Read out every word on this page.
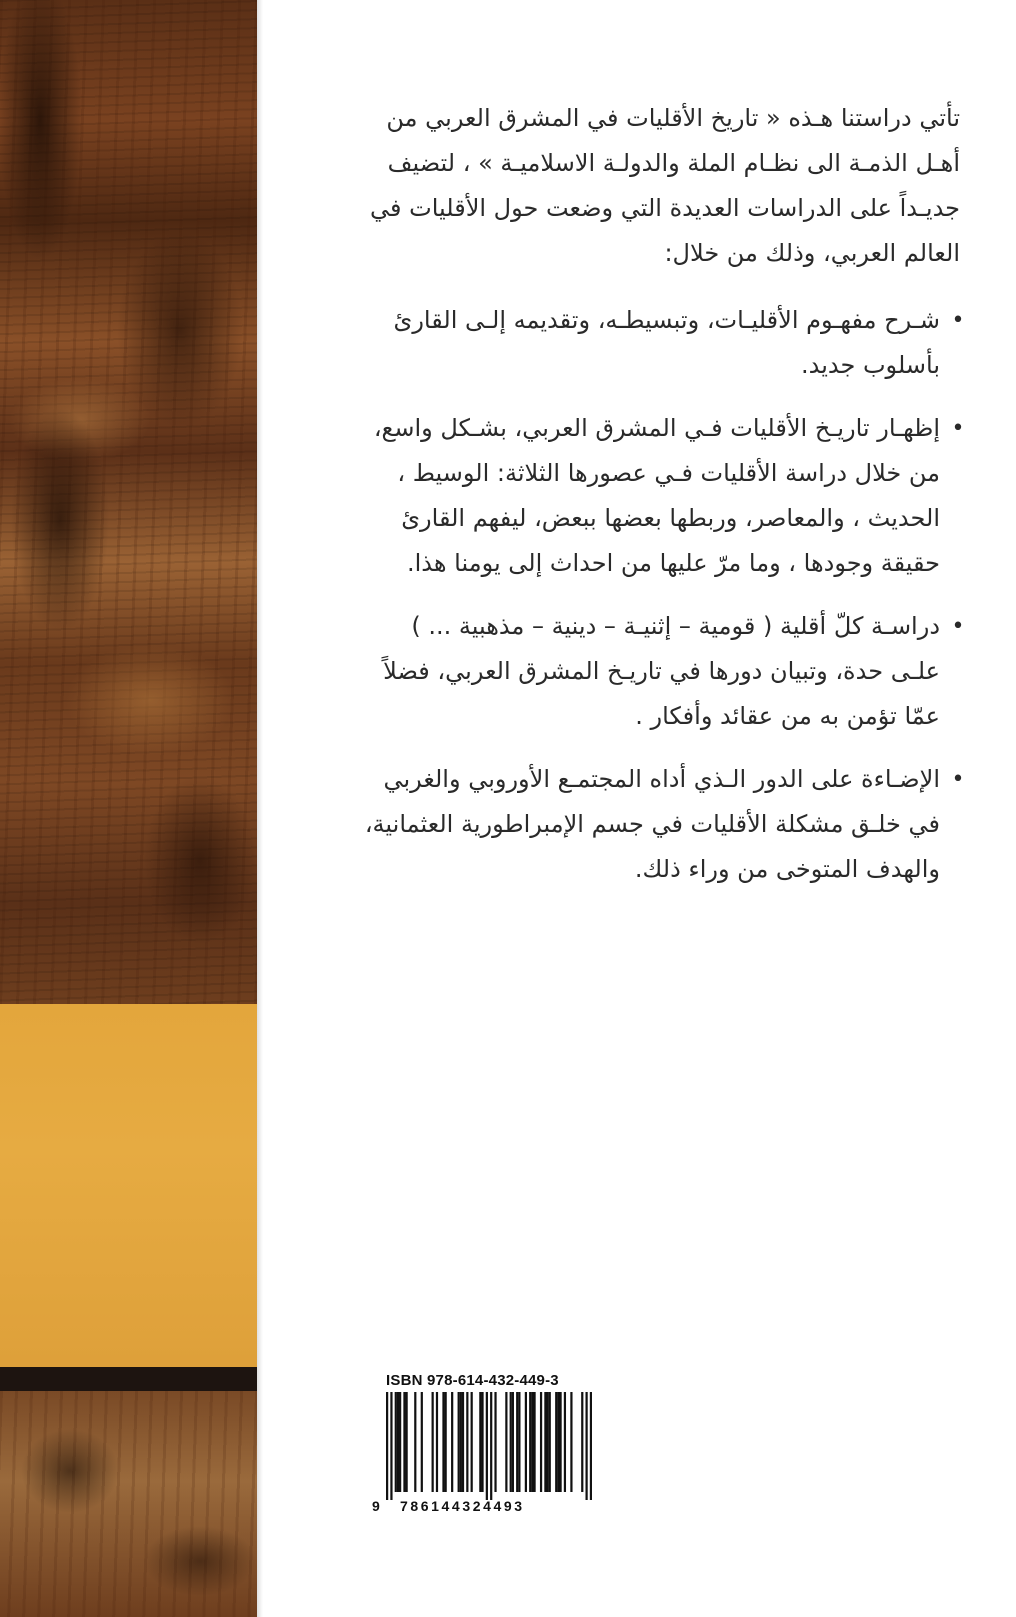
تأتي دراستنا هـذه « تاريخ الأقليات في المشرق العربي من
أهـل الذمـة الى نظـام الملة والدولـة الاسلاميـة » ، لتضيف
جديـداً على الدراسات العديدة التي وضعت حول الأقليات في
العالم العربي، وذلك من خلال:

•
شـرح مفهـوم الأقليـات، وتبسيطـه، وتقديمه إلـى القارئ
بأسلوب جديد.
•
إظهـار تاريـخ الأقليات فـي المشرق العربي، بشـكل واسع،
من خلال دراسة الأقليات فـي عصورها الثلاثة: الوسيط ،
الحديث ، والمعاصر، وربطها بعضها ببعض، ليفهم القارئ
حقيقة وجودها ، وما مرّ عليها من احداث إلى يومنا هذا.
•
دراسـة كلّ أقلية ( قومية – إثنيـة – دينية – مذهبية ... )
علـى حدة، وتبيان دورها في تاريـخ المشرق العربي، فضلاً
عمّا تؤمن به من عقائد وأفكار .
•
الإضـاءة على الدور الـذي أداه المجتمـع الأوروبي والغربي
في خلـق مشكلة الأقليات في جسم الإمبراطورية العثمانية،
والهدف المتوخى من وراء ذلك.
ISBN 978-614-432-449-3
9 786144324493
